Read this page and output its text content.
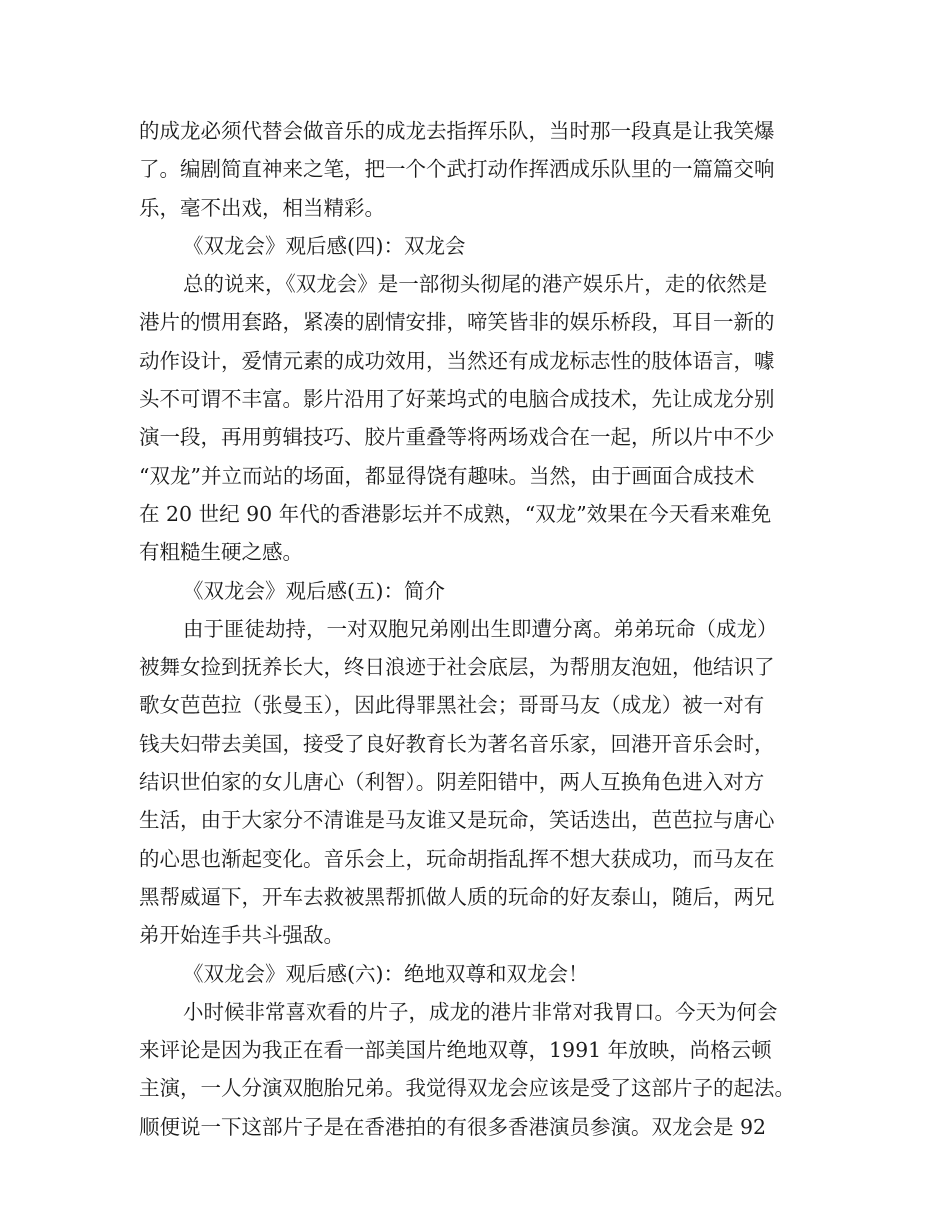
的成龙必须代替会做音乐的成龙去指挥乐队，当时那一段真是让我笑爆
了。编剧简直神来之笔，把一个个武打动作挥洒成乐队里的一篇篇交响
乐，毫不出戏，相当精彩。
《双龙会》观后感(四)：双龙会
总的说来，《双龙会》是一部彻头彻尾的港产娱乐片，走的依然是
港片的惯用套路，紧凑的剧情安排，啼笑皆非的娱乐桥段，耳目一新的
动作设计，爱情元素的成功效用，当然还有成龙标志性的肢体语言，噱
头不可谓不丰富。影片沿用了好莱坞式的电脑合成技术，先让成龙分别
演一段，再用剪辑技巧、胶片重叠等将两场戏合在一起，所以片中不少
“双龙”并立而站的场面，都显得饶有趣味。当然，由于画面合成技术
在 20 世纪 90 年代的香港影坛并不成熟，“双龙”效果在今天看来难免
有粗糙生硬之感。
《双龙会》观后感(五)：简介
由于匪徒劫持，一对双胞兄弟刚出生即遭分离。弟弟玩命（成龙）
被舞女捡到抚养长大，终日浪迹于社会底层，为帮朋友泡妞，他结识了
歌女芭芭拉（张曼玉），因此得罪黑社会；哥哥马友（成龙）被一对有
钱夫妇带去美国，接受了良好教育长为著名音乐家，回港开音乐会时，
结识世伯家的女儿唐心（利智）。阴差阳错中，两人互换角色进入对方
生活，由于大家分不清谁是马友谁又是玩命，笑话迭出，芭芭拉与唐心
的心思也渐起变化。音乐会上，玩命胡指乱挥不想大获成功，而马友在
黑帮威逼下，开车去救被黑帮抓做人质的玩命的好友泰山，随后，两兄
弟开始连手共斗强敌。
《双龙会》观后感(六)：绝地双尊和双龙会！
小时候非常喜欢看的片子，成龙的港片非常对我胃口。今天为何会
来评论是因为我正在看一部美国片绝地双尊，1991 年放映，尚格云顿
主演，一人分演双胞胎兄弟。我觉得双龙会应该是受了这部片子的起法。
顺便说一下这部片子是在香港拍的有很多香港演员参演。双龙会是 92
